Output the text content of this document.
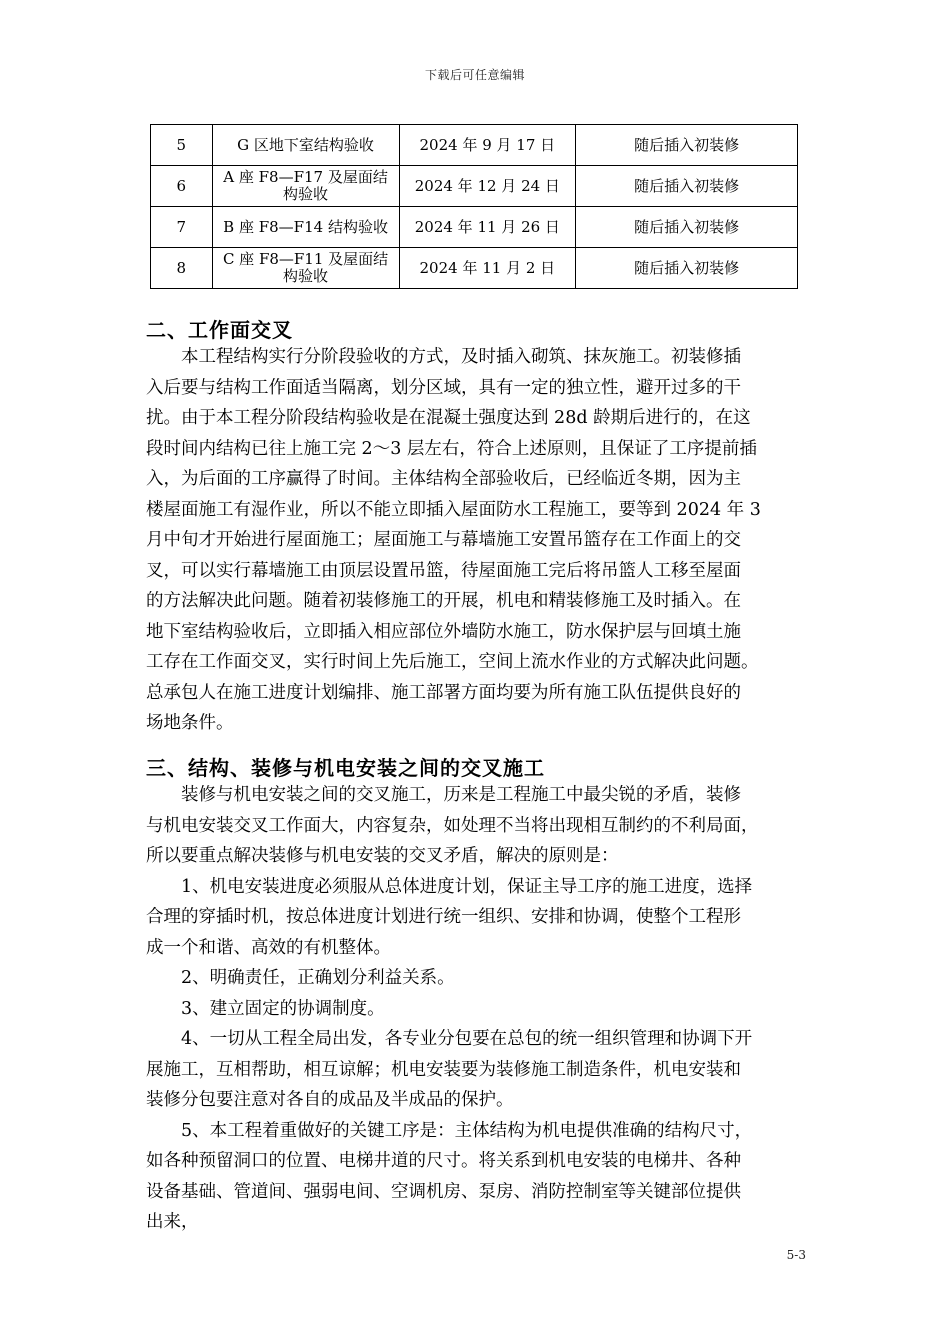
下载后可任意编辑
5	G 区地下室结构验收	2024 年 9 月 17 日	随后插入初装修
6	A 座 F8—F17 及屋面结构验收	2024 年 12 月 24 日	随后插入初装修
7	B 座 F8—F14 结构验收	2024 年 11 月 26 日	随后插入初装修
8	C 座 F8—F11 及屋面结构验收	2024 年 11 月 2 日	随后插入初装修
二、工作面交叉
　　本工程结构实行分阶段验收的方式，及时插入砌筑、抹灰施工。初装修插
入后要与结构工作面适当隔离，划分区域，具有一定的独立性，避开过多的干
扰。由于本工程分阶段结构验收是在混凝土强度达到 28d 龄期后进行的，在这
段时间内结构已往上施工完 2～3 层左右，符合上述原则，且保证了工序提前插
入，为后面的工序赢得了时间。主体结构全部验收后，已经临近冬期，因为主
楼屋面施工有湿作业，所以不能立即插入屋面防水工程施工，要等到 2024 年 3
月中旬才开始进行屋面施工；屋面施工与幕墙施工安置吊篮存在工作面上的交
叉，可以实行幕墙施工由顶层设置吊篮，待屋面施工完后将吊篮人工移至屋面
的方法解决此问题。随着初装修施工的开展，机电和精装修施工及时插入。在
地下室结构验收后，立即插入相应部位外墙防水施工，防水保护层与回填土施
工存在工作面交叉，实行时间上先后施工，空间上流水作业的方式解决此问题。
总承包人在施工进度计划编排、施工部署方面均要为所有施工队伍提供良好的
场地条件。
三、结构、装修与机电安装之间的交叉施工
　　装修与机电安装之间的交叉施工，历来是工程施工中最尖锐的矛盾，装修
与机电安装交叉工作面大，内容复杂，如处理不当将出现相互制约的不利局面，
所以要重点解决装修与机电安装的交叉矛盾，解决的原则是：
　　1、机电安装进度必须服从总体进度计划，保证主导工序的施工进度，选择
合理的穿插时机，按总体进度计划进行统一组织、安排和协调，使整个工程形
成一个和谐、高效的有机整体。
　　2、明确责任，正确划分利益关系。
　　3、建立固定的协调制度。
　　4、一切从工程全局出发，各专业分包要在总包的统一组织管理和协调下开
展施工，互相帮助，相互谅解；机电安装要为装修施工制造条件，机电安装和
装修分包要注意对各自的成品及半成品的保护。
　　5、本工程着重做好的关键工序是：主体结构为机电提供准确的结构尺寸，
如各种预留洞口的位置、电梯井道的尺寸。将关系到机电安装的电梯井、各种
设备基础、管道间、强弱电间、空调机房、泵房、消防控制室等关键部位提供
出来，
5-3
